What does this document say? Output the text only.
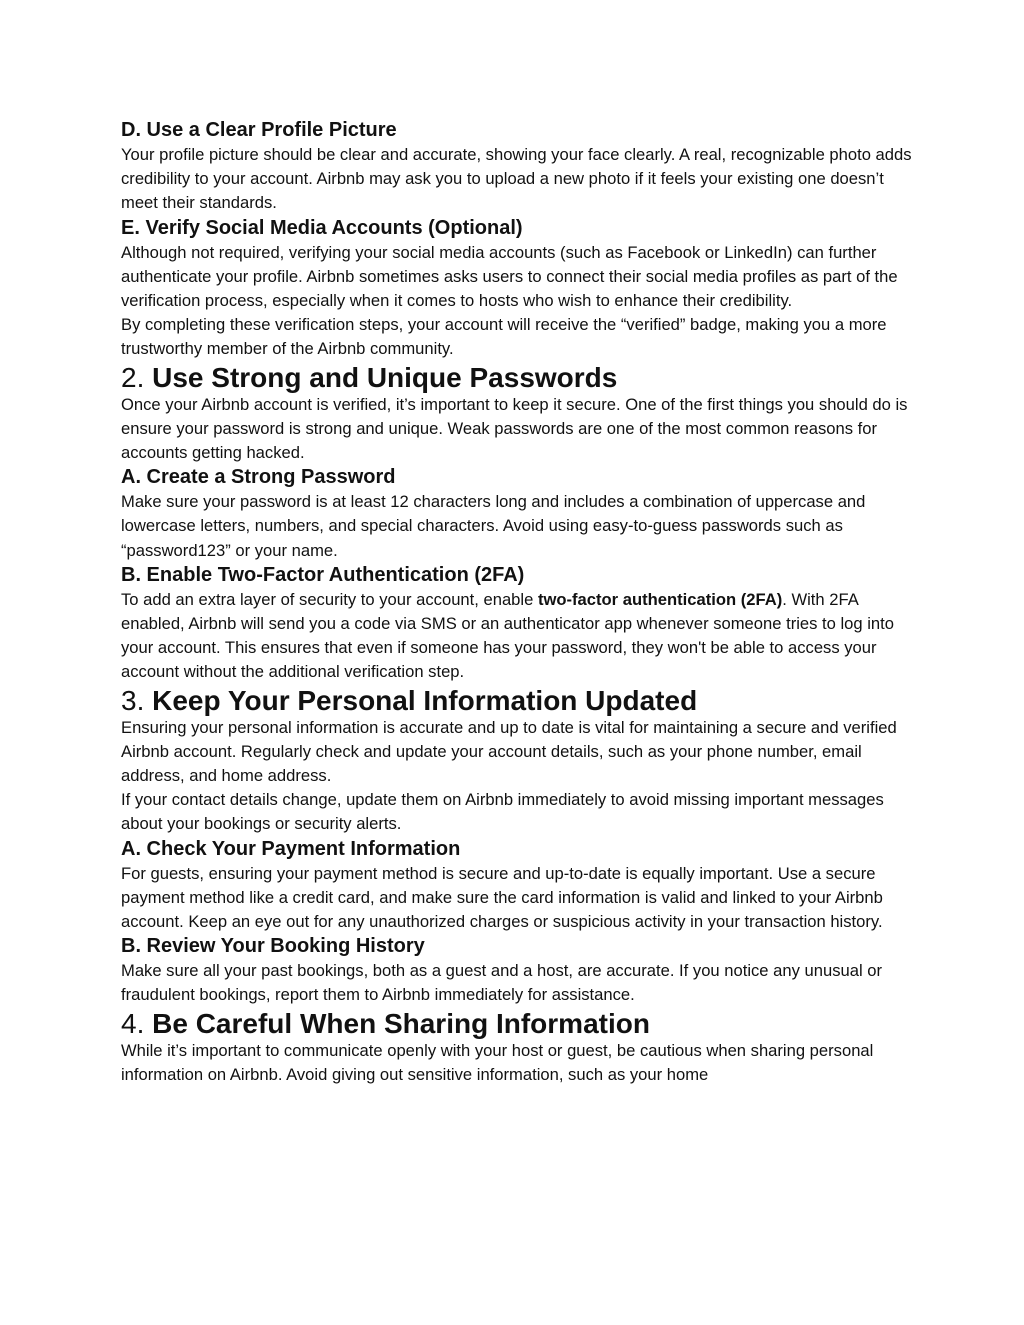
D. Use a Clear Profile Picture

Your profile picture should be clear and accurate, showing your face clearly. A real, recognizable photo adds credibility to your account. Airbnb may ask you to upload a new photo if it feels your existing one doesn’t meet their standards.

E. Verify Social Media Accounts (Optional)

Although not required, verifying your social media accounts (such as Facebook or LinkedIn) can further authenticate your profile. Airbnb sometimes asks users to connect their social media profiles as part of the verification process, especially when it comes to hosts who wish to enhance their credibility.

By completing these verification steps, your account will receive the “verified” badge, making you a more trustworthy member of the Airbnb community.

2. Use Strong and Unique Passwords

Once your Airbnb account is verified, it’s important to keep it secure. One of the first things you should do is ensure your password is strong and unique. Weak passwords are one of the most common reasons for accounts getting hacked.

A. Create a Strong Password

Make sure your password is at least 12 characters long and includes a combination of uppercase and lowercase letters, numbers, and special characters. Avoid using easy-to-guess passwords such as “password123” or your name.

B. Enable Two-Factor Authentication (2FA)

To add an extra layer of security to your account, enable two-factor authentication (2FA). With 2FA enabled, Airbnb will send you a code via SMS or an authenticator app whenever someone tries to log into your account. This ensures that even if someone has your password, they won't be able to access your account without the additional verification step.

3. Keep Your Personal Information Updated

Ensuring your personal information is accurate and up to date is vital for maintaining a secure and verified Airbnb account. Regularly check and update your account details, such as your phone number, email address, and home address.

If your contact details change, update them on Airbnb immediately to avoid missing important messages about your bookings or security alerts.

A. Check Your Payment Information

For guests, ensuring your payment method is secure and up-to-date is equally important. Use a secure payment method like a credit card, and make sure the card information is valid and linked to your Airbnb account. Keep an eye out for any unauthorized charges or suspicious activity in your transaction history.

B. Review Your Booking History

Make sure all your past bookings, both as a guest and a host, are accurate. If you notice any unusual or fraudulent bookings, report them to Airbnb immediately for assistance.

4. Be Careful When Sharing Information

While it’s important to communicate openly with your host or guest, be cautious when sharing personal information on Airbnb. Avoid giving out sensitive information, such as your home
